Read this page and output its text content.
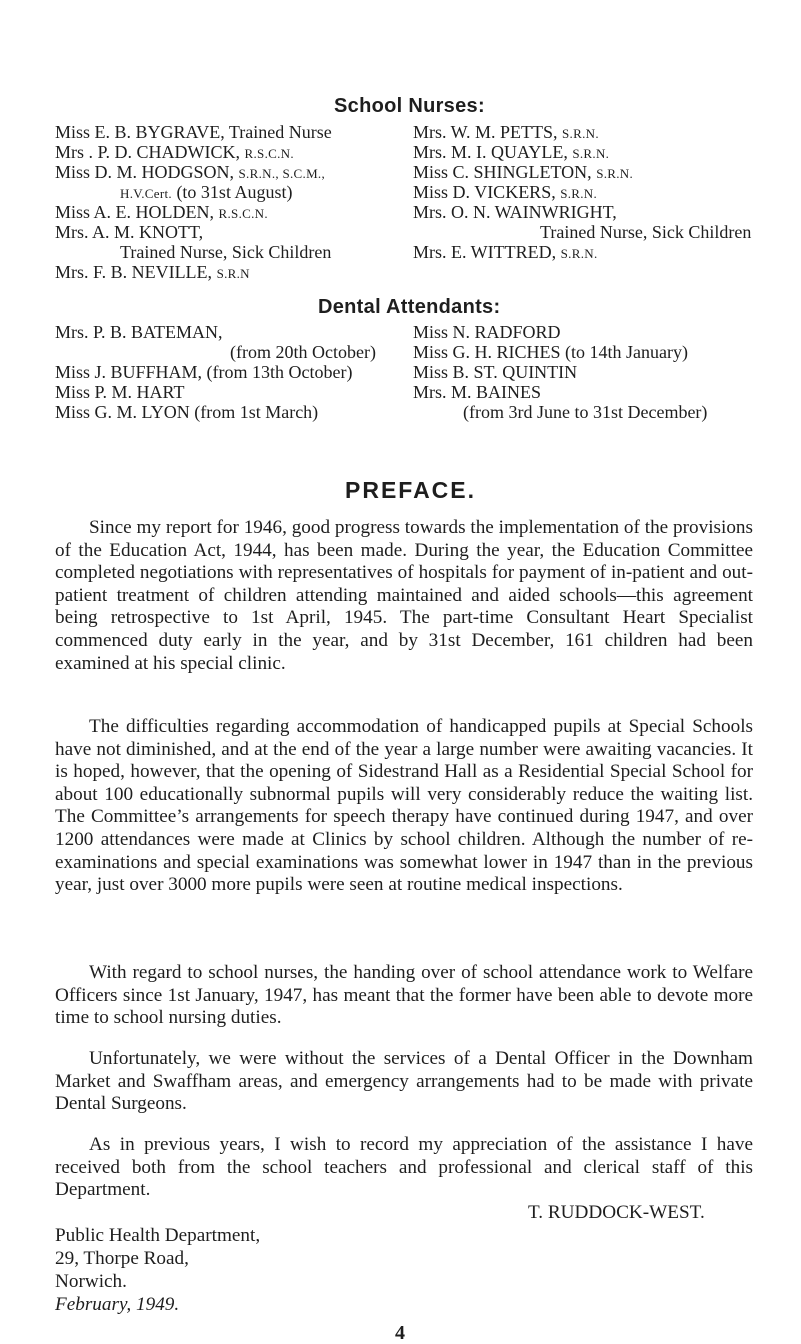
School Nurses:
Miss E. B. BYGRAVE, Trained Nurse
Mrs . P. D. CHADWICK, R.S.C.N.
Miss D. M. HODGSON, S.R.N., S.C.M.,
H.V.Cert. (to 31st August)
Miss A. E. HOLDEN, R.S.C.N.
Mrs. A. M. KNOTT,
Trained Nurse, Sick Children
Mrs. F. B. NEVILLE, S.R.N
Mrs. W. M. PETTS, S.R.N.
Mrs. M. I. QUAYLE, S.R.N.
Miss C. SHINGLETON, S.R.N.
Miss D. VICKERS, S.R.N.
Mrs. O. N. WAINWRIGHT,
Trained Nurse, Sick Children
Mrs. E. WITTRED, S.R.N.
Dental Attendants:
Mrs. P. B. BATEMAN,
(from 20th October)
Miss J. BUFFHAM, (from 13th October)
Miss P. M. HART
Miss G. M. LYON (from 1st March)
Miss N. RADFORD
Miss G. H. RICHES (to 14th January)
Miss B. ST. QUINTIN
Mrs. M. BAINES
(from 3rd June to 31st December)
PREFACE.

Since my report for 1946, good progress towards the implementation of the provisions of the Education Act, 1944, has been made. During the year, the Education Committee completed negotiations with representatives of hospitals for payment of in-patient and out-patient treatment of children attending maintained and aided schools—this agreement being retrospective to 1st April, 1945. The part-time Consultant Heart Specialist commenced duty early in the year, and by 31st December, 161 children had been examined at his special clinic.

The difficulties regarding accommodation of handicapped pupils at Special Schools have not diminished, and at the end of the year a large number were awaiting vacancies. It is hoped, however, that the opening of Sidestrand Hall as a Residential Special School for about 100 educationally subnormal pupils will very considerably reduce the waiting list. The Committee’s arrangements for speech therapy have continued during 1947, and over 1200 attendances were made at Clinics by school children. Although the number of re-examinations and special examinations was somewhat lower in 1947 than in the previous year, just over 3000 more pupils were seen at routine medical inspections.

With regard to school nurses, the handing over of school attendance work to Welfare Officers since 1st January, 1947, has meant that the former have been able to devote more time to school nursing duties.

Unfortunately, we were without the services of a Dental Officer in the Downham Market and Swaffham areas, and emergency arrangements had to be made with private Dental Surgeons.

As in previous years, I wish to record my appreciation of the assistance I have received both from the school teachers and professional and clerical staff of this Department.

T. RUDDOCK-WEST.
Public Health Department,
29, Thorpe Road,
Norwich.
February, 1949.
4
